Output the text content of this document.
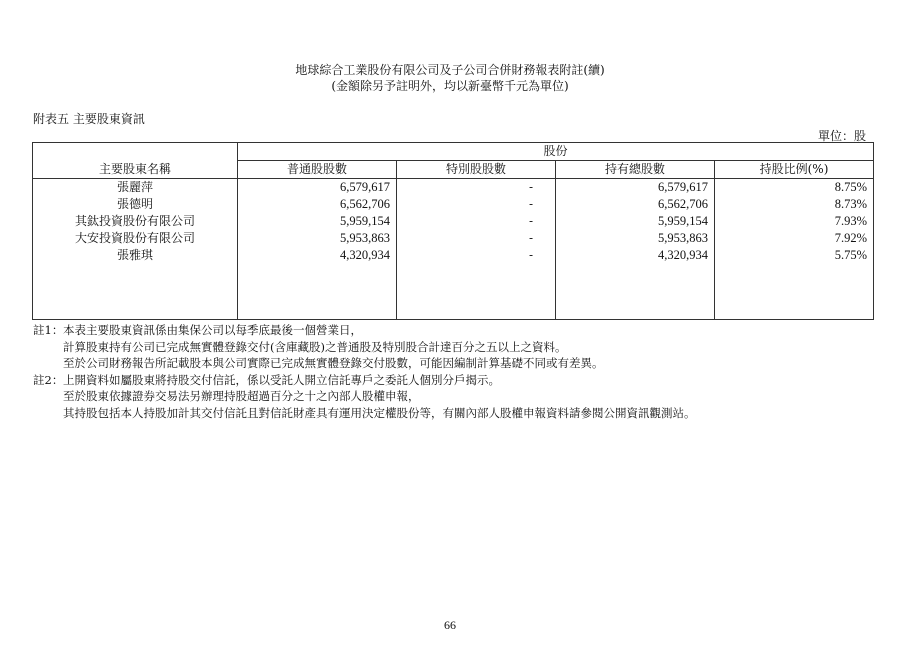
地球綜合工業股份有限公司及子公司合併財務報表附註(續)
(金額除另予註明外，均以新臺幣千元為單位)
附表五 主要股東資訊
單位：股
主要股東名稱	股份			
	普通股股數	特別股股數	持有總股數	持股比例(%)
張麗萍	6,579,617	-	6,579,617	8.75%
張德明	6,562,706	-	6,562,706	8.73%
其鈦投資股份有限公司	5,959,154	-	5,959,154	7.93%
大安投資股份有限公司	5,953,863	-	5,953,863	7.92%
張雅琪	4,320,934	-	4,320,934	5.75%

註1：本表主要股東資訊係由集保公司以每季底最後一個營業日，
計算股東持有公司已完成無實體登錄交付(含庫藏股)之普通股及特別股合計達百分之五以上之資料。
至於公司財務報告所記載股本與公司實際已完成無實體登錄交付股數，可能因編制計算基礎不同或有差異。
註2：上開資料如屬股東將持股交付信託，係以受託人開立信託專戶之委託人個別分戶揭示。
至於股東依據證券交易法另辦理持股超過百分之十之內部人股權申報，
其持股包括本人持股加計其交付信託且對信託財產具有運用決定權股份等，有關內部人股權申報資料請參閱公開資訊觀測站。
66
